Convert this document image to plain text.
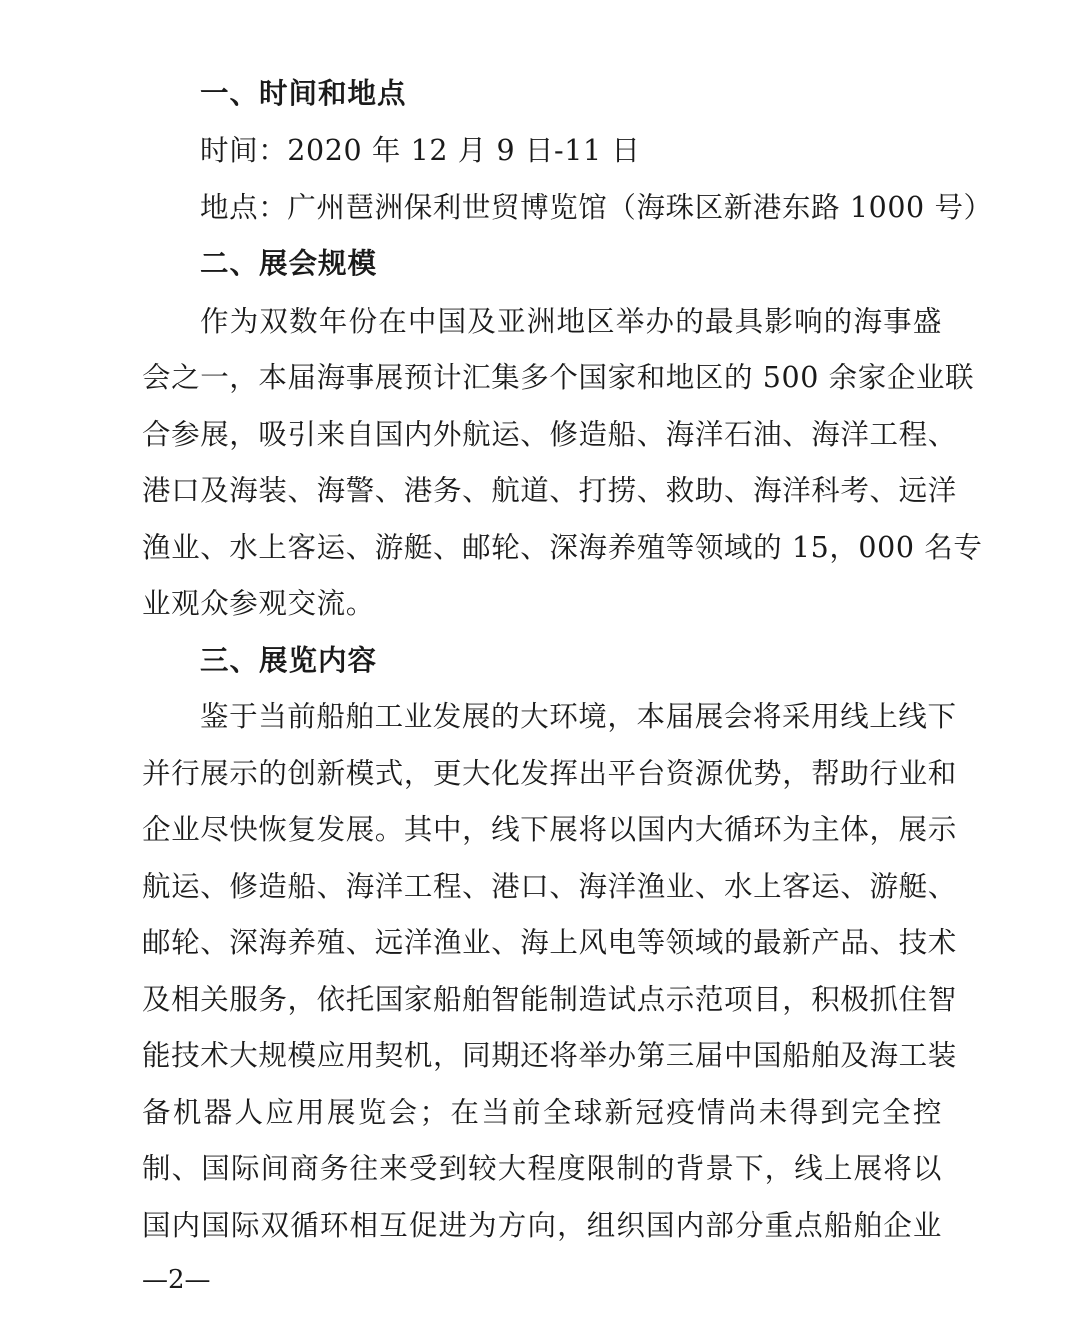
一、时间和地点
时间：2020 年 12 月 9 日-11 日
地点：广州琶洲保利世贸博览馆（海珠区新港东路 1000 号）
二、展会规模
作为双数年份在中国及亚洲地区举办的最具影响的海事盛
会之一，本届海事展预计汇集多个国家和地区的 500 余家企业联
合参展，吸引来自国内外航运、修造船、海洋石油、海洋工程、
港口及海装、海警、港务、航道、打捞、救助、海洋科考、远洋
渔业、水上客运、游艇、邮轮、深海养殖等领域的 15，000 名专
业观众参观交流。
三、展览内容
鉴于当前船舶工业发展的大环境，本届展会将采用线上线下
并行展示的创新模式，更大化发挥出平台资源优势，帮助行业和
企业尽快恢复发展。其中，线下展将以国内大循环为主体，展示
航运、修造船、海洋工程、港口、海洋渔业、水上客运、游艇、
邮轮、深海养殖、远洋渔业、海上风电等领域的最新产品、技术
及相关服务，依托国家船舶智能制造试点示范项目，积极抓住智
能技术大规模应用契机，同期还将举办第三届中国船舶及海工装
备机器人应用展览会；在当前全球新冠疫情尚未得到完全控
制、国际间商务往来受到较大程度限制的背景下，线上展将以
国内国际双循环相互促进为方向，组织国内部分重点船舶企业
—2—
